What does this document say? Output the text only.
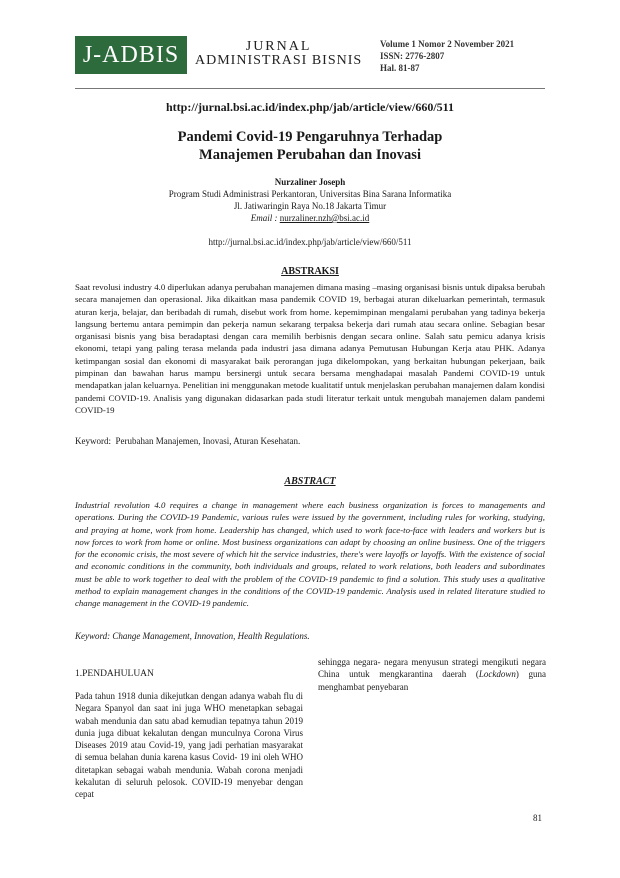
J-ADBIS	JURNAL
ADMINISTRASI BISNIS
Volume 1 Nomor 2 November 2021
ISSN: 2776-2807
Hal. 81-87
http://jurnal.bsi.ac.id/index.php/jab/article/view/660/511
Pandemi Covid-19 Pengaruhnya Terhadap
Manajemen Perubahan dan Inovasi
Nurzaliner Joseph
Program Studi Administrasi Perkantoran, Universitas Bina Sarana Informatika
Jl. Jatiwaringin Raya No.18 Jakarta Timur
Email : nurzaliner.nzh@bsi.ac.id
http://jurnal.bsi.ac.id/index.php/jab/article/view/660/511
ABSTRAKSI
Saat revolusi industry 4.0 diperlukan adanya perubahan manajemen dimana masing –masing organisasi bisnis untuk dipaksa berubah secara manajemen dan operasional. Jika dikaitkan masa pandemik COVID 19, berbagai aturan dikeluarkan pemerintah, termasuk aturan kerja, belajar, dan beribadah di rumah, disebut work from home. kepemimpinan mengalami perubahan yang tadinya bekerja langsung bertemu antara pemimpin dan pekerja namun sekarang terpaksa bekerja dari rumah atau secara online. Sebagian besar organisasi bisnis yang bisa beradaptasi dengan cara memilih berbisnis dengan secara online. Salah satu pemicu adanya krisis ekonomi, tetapi yang paling terasa melanda pada industri jasa dimana adanya Pemutusan Hubungan Kerja atau PHK. Adanya ketimpangan sosial dan ekonomi di masyarakat baik perorangan juga dikelompokan, yang berkaitan hubungan pekerjaan, baik pimpinan dan bawahan harus mampu bersinergi untuk secara bersama menghadapai masalah Pandemi COVID-19 untuk mendapatkan jalan keluarnya. Penelitian ini menggunakan metode kualitatif untuk menjelaskan perubahan manajemen dalam kondisi pandemi COVID-19. Analisis yang digunakan didasarkan pada studi literatur terkait untuk mengubah manajemen dalam pandemi COVID-19
Keyword: Perubahan Manajemen, Inovasi, Aturan Kesehatan.
ABSTRACT
Industrial revolution 4.0 requires a change in management where each business organization is forces to managements and operations. During the COVID-19 Pandemic, various rules were issued by the government, including rules for working, studying, and praying at home, work from home. Leadership has changed, which used to work face-to-face with leaders and workers but is now forces to work from home or online. Most business organizations can adapt by choosing an online business. One of the triggers for the economic crisis, the most severe of which hit the service industries, there's were layoffs or layoffs. With the existence of social and economic conditions in the community, both individuals and groups, related to work relations, both leaders and subordinates must be able to work together to deal with the problem of the COVID-19 pandemic to find a solution. This study uses a qualitative method to explain management changes in the conditions of the COVID-19 pandemic. Analysis used in related literature studied to change management in the COVID-19 pandemic.
Keyword: Change Management, Innovation, Health Regulations.
1.PENDAHULUAN
Pada tahun 1918 dunia dikejutkan dengan adanya wabah flu di Negara Spanyol dan saat ini juga WHO menetapkan sebagai wabah mendunia dan satu abad kemudian tepatnya tahun 2019 dunia juga dibuat kekalutan dengan munculnya Corona Virus Diseases 2019 atau Covid-19, yang jadi perhatian masyarakat di semua belahan dunia karena kasus Covid- 19 ini oleh WHO ditetapkan sebagai wabah mendunia. Wabah corona menjadi kekalutan di seluruh pelosok. COVID-19 menyebar dengan cepat
sehingga negara- negara menyusun strategi mengikuti negara China untuk mengkarantina daerah (Lockdown) guna menghambat penyebaran
81
